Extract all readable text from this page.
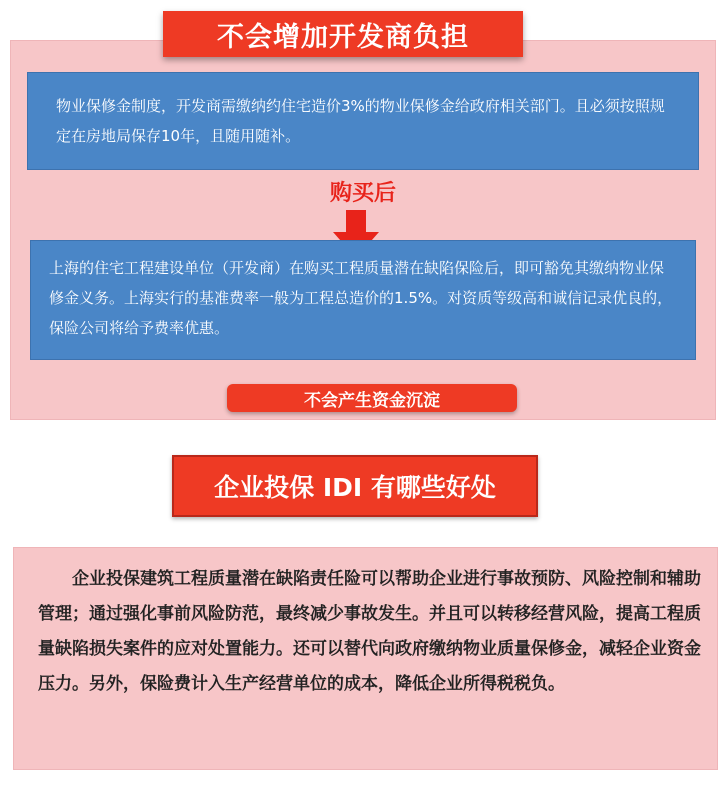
不会增加开发商负担
物业保修金制度，开发商需缴纳约住宅造价3%的物业保修金给政府相关部门。且必须按照规定在房地局保存10年，且随用随补。
购买后
上海的住宅工程建设单位（开发商）在购买工程质量潜在缺陷保险后，即可豁免其缴纳物业保修金义务。上海实行的基准费率一般为工程总造价的1.5%。对资质等级高和诚信记录优良的，保险公司将给予费率优惠。
不会产生资金沉淀
企业投保 IDI 有哪些好处

企业投保建筑工程质量潜在缺陷责任险可以帮助企业进行事故预防、风险控制和辅助管理；通过强化事前风险防范，最终减少事故发生。并且可以转移经营风险，提高工程质量缺陷损失案件的应对处置能力。还可以替代向政府缴纳物业质量保修金，减轻企业资金压力。另外，保险费计入生产经营单位的成本，降低企业所得税税负。
